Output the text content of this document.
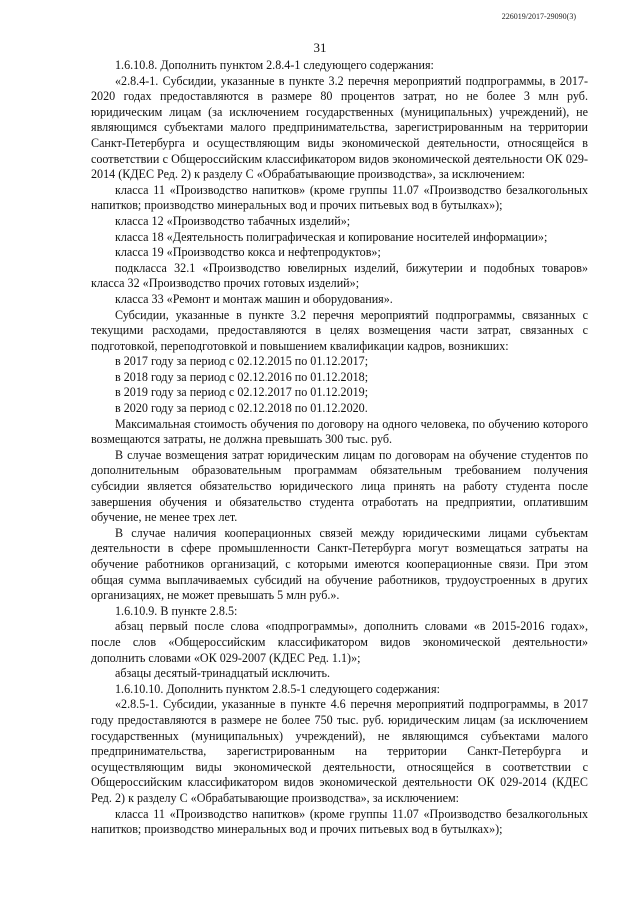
226019/2017-29090(3)
31

1.6.10.8. Дополнить пунктом 2.8.4-1 следующего содержания:

«2.8.4-1. Субсидии, указанные в пункте 3.2 перечня мероприятий подпрограммы, в 2017-2020 годах предоставляются в размере 80 процентов затрат, но не более 3 млн руб. юридическим лицам (за исключением государственных (муниципальных) учреждений), не являющимся субъектами малого предпринимательства, зарегистрированным на территории Санкт-Петербурга и осуществляющим виды экономической деятельности, относящейся в соответствии с Общероссийским классификатором видов экономической деятельности ОК 029-2014 (КДЕС Ред. 2) к разделу С «Обрабатывающие производства», за исключением:

класса 11 «Производство напитков» (кроме группы 11.07 «Производство безалкогольных напитков; производство минеральных вод и прочих питьевых вод в бутылках»);

класса 12 «Производство табачных изделий»;

класса 18 «Деятельность полиграфическая и копирование носителей информации»;

класса 19 «Производство кокса и нефтепродуктов»;

подкласса 32.1 «Производство ювелирных изделий, бижутерии и подобных товаров» класса 32 «Производство прочих готовых изделий»;

класса 33 «Ремонт и монтаж машин и оборудования».

Субсидии, указанные в пункте 3.2 перечня мероприятий подпрограммы, связанных с текущими расходами, предоставляются в целях возмещения части затрат, связанных с подготовкой, переподготовкой и повышением квалификации кадров, возникших:

в 2017 году за период с 02.12.2015 по 01.12.2017;

в 2018 году за период с 02.12.2016 по 01.12.2018;

в 2019 году за период с 02.12.2017 по 01.12.2019;

в 2020 году за период с 02.12.2018 по 01.12.2020.

Максимальная стоимость обучения по договору на одного человека, по обучению которого возмещаются затраты, не должна превышать 300 тыс. руб.

В случае возмещения затрат юридическим лицам по договорам на обучение студентов по дополнительным образовательным программам обязательным требованием получения субсидии является обязательство юридического лица принять на работу студента после завершения обучения и обязательство студента отработать на предприятии, оплатившим обучение, не менее трех лет.

В случае наличия кооперационных связей между юридическими лицами субъектам деятельности в сфере промышленности Санкт-Петербурга могут возмещаться затраты на обучение работников организаций, с которыми имеются кооперационные связи. При этом общая сумма выплачиваемых субсидий на обучение работников, трудоустроенных в других организациях, не может превышать 5 млн руб.».

1.6.10.9. В пункте 2.8.5:

абзац первый после слова «подпрограммы», дополнить словами «в 2015-2016 годах», после слов «Общероссийским классификатором видов экономической деятельности» дополнить словами «ОК 029-2007 (КДЕС Ред. 1.1)»;

абзацы десятый-тринадцатый исключить.

1.6.10.10. Дополнить пунктом 2.8.5-1 следующего содержания:

«2.8.5-1. Субсидии, указанные в пункте 4.6 перечня мероприятий подпрограммы, в 2017 году предоставляются в размере не более 750 тыс. руб. юридическим лицам (за исключением государственных (муниципальных) учреждений), не являющимся субъектами малого предпринимательства, зарегистрированным на территории Санкт-Петербурга и осуществляющим виды экономической деятельности, относящейся в соответствии с Общероссийским классификатором видов экономической деятельности ОК 029-2014 (КДЕС Ред. 2) к разделу С «Обрабатывающие производства», за исключением:

класса 11 «Производство напитков» (кроме группы 11.07 «Производство безалкогольных напитков; производство минеральных вод и прочих питьевых вод в бутылках»);
